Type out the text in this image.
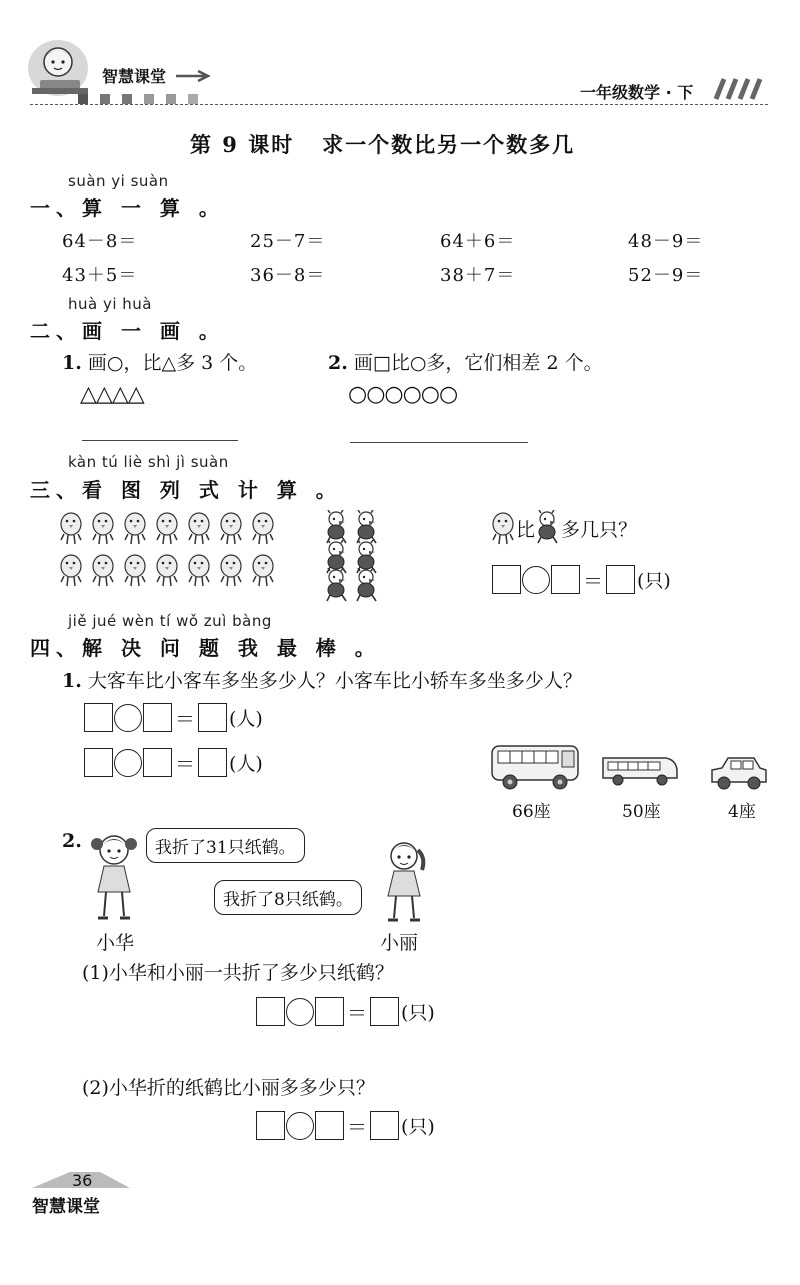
智慧课堂
一年级数学 · 下
第 9 课时   求一个数比另一个数多几
suàn yi suàn
一、算 一 算 。
64－8＝	25－7＝	64＋6＝	48－9＝
43＋5＝	36－8＝	38＋7＝	52－9＝
huà yi huà
二、画 一 画 。
1. 画○，比△多 3 个。
△△△△
2. 画□比○多，它们相差 2 个。
○○○○○○
kàn tú liè shì jì suàn
三、看 图 列 式 计 算 。
比 多几只？
＝ (只)
jiě jué wèn tí wǒ zuì bàng
四、解 决 问 题 我 最 棒 。
1. 大客车比小客车多坐多少人？小客车比小轿车多坐多少人？
＝ (人)
＝ (人)
66座	50座	4座
2.	我折了31只纸鹤。
小华
我折了8只纸鹤。
小丽
(1)小华和小丽一共折了多少只纸鹤？
＝ (只)
(2)小华折的纸鹤比小丽多多少只？
＝ (只)
36
智慧课堂
